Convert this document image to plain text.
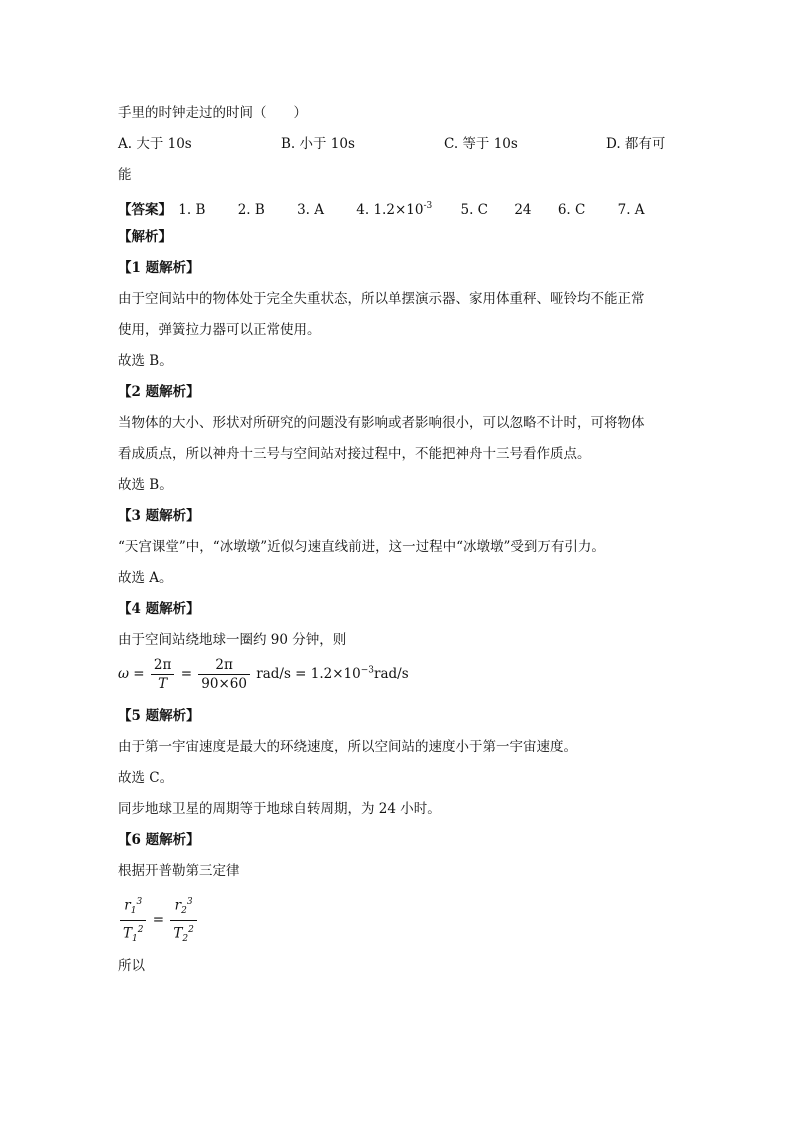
手里的时钟走过的时间（　　）
A. 大于 10s	B. 小于 10s	C. 等于 10s	D. 都有可
能
【答案】 1. B 2. B 3. A 4. $1.2\times 10^{-3}$ 5. C 24 6. C 7. A
【解析】
【1 题解析】
由于空间站中的物体处于完全失重状态，所以单摆演示器、家用体重秤、哑铃均不能正常
使用，弹簧拉力器可以正常使用。
故选 B。
【2 题解析】
当物体的大小、形状对所研究的问题没有影响或者影响很小，可以忽略不计时，可将物体
看成质点，所以神舟十三号与空间站对接过程中，不能把神舟十三号看作质点。
故选 B。
【3 题解析】
“天宫课堂”中，“冰墩墩”近似匀速直线前进，这一过程中“冰墩墩”受到万有引力。
故选 A。
【4 题解析】
由于空间站绕地球一圈约 90 分钟，则
$\omega = \frac{2\pi}{T} = \frac{2\pi}{90\times 60} rad/s = 1.2\times 10^{-3}rad/s$
【5 题解析】
由于第一宇宙速度是最大的环绕速度，所以空间站的速度小于第一宇宙速度。
故选 C。
同步地球卫星的周期等于地球自转周期，为 24 小时。
【6 题解析】
根据开普勒第三定律
$\frac{r_1^3}{T_1^2} = \frac{r_2^3}{T_2^2}$
所以
